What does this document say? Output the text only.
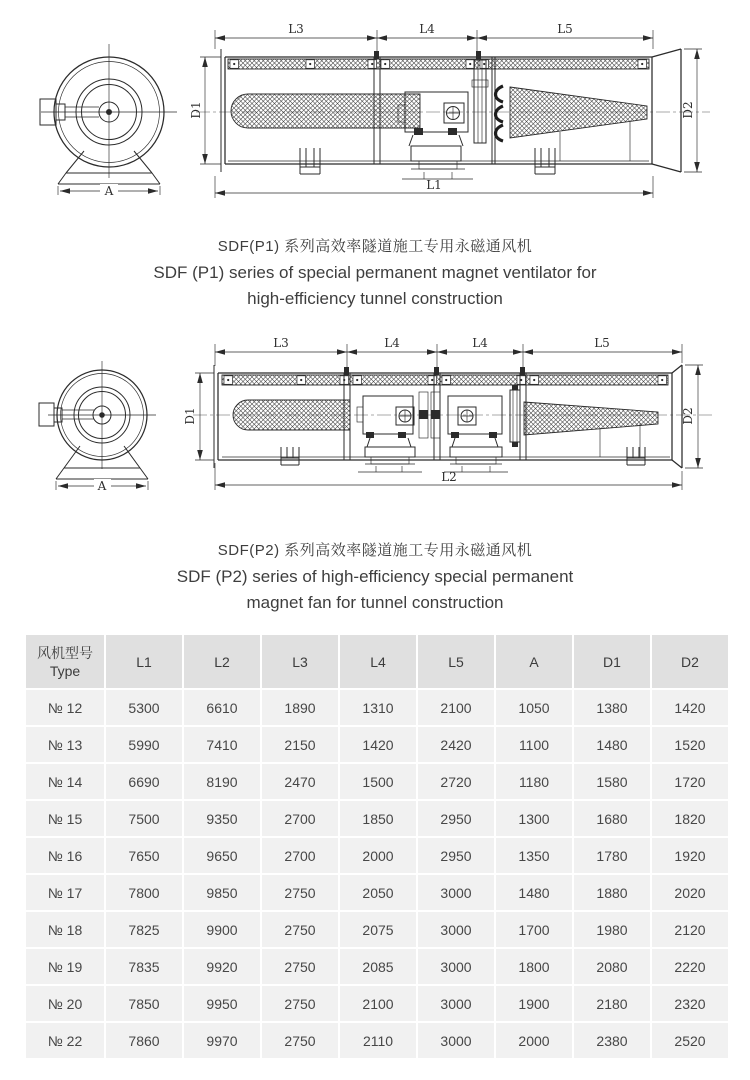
A
L3	L4	L5
L1
D1	D2
SDF(P1) 系列高效率隧道施工专用永磁通风机
SDF (P1) series of special permanent magnet ventilator for
high-efficiency tunnel construction
A
L3	L4	L4	L5
L2
D1	D2
SDF(P2) 系列高效率隧道施工专用永磁通风机
SDF (P2) series of high-efficiency special permanent
magnet fan for tunnel construction
风机型号
Type	L1	L2	L3	L4	L5	A	D1	D2
№ 12	5300	6610	1890	1310	2100	1050	1380	1420
№ 13	5990	7410	2150	1420	2420	1100	1480	1520
№ 14	6690	8190	2470	1500	2720	1180	1580	1720
№ 15	7500	9350	2700	1850	2950	1300	1680	1820
№ 16	7650	9650	2700	2000	2950	1350	1780	1920
№ 17	7800	9850	2750	2050	3000	1480	1880	2020
№ 18	7825	9900	2750	2075	3000	1700	1980	2120
№ 19	7835	9920	2750	2085	3000	1800	2080	2220
№ 20	7850	9950	2750	2100	3000	1900	2180	2320
№ 22	7860	9970	2750	2110	3000	2000	2380	2520
